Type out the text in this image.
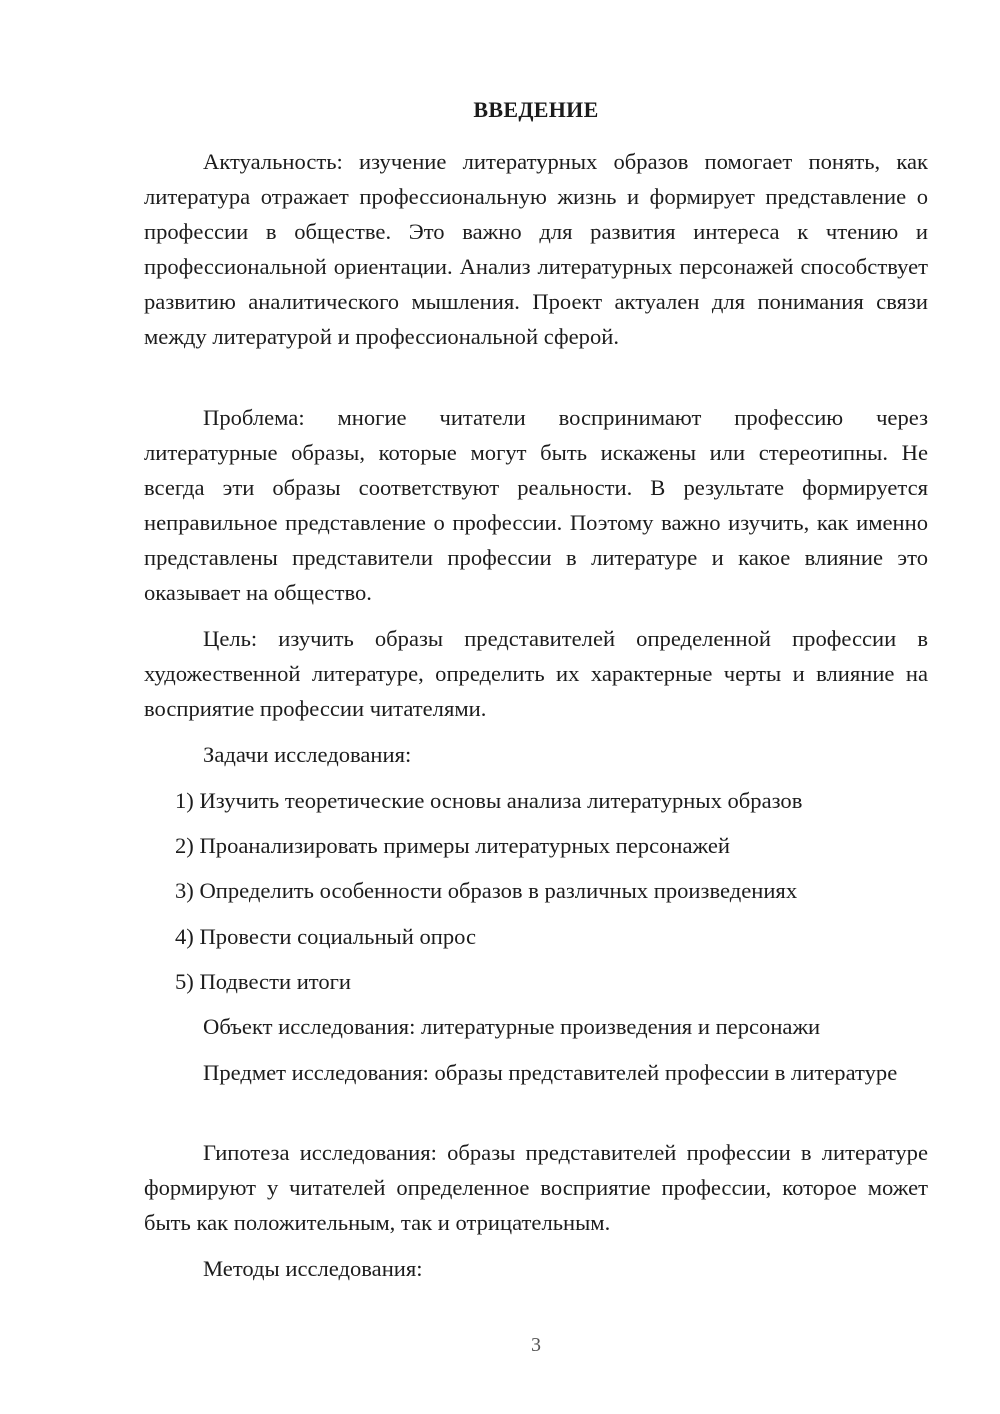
ВВЕДЕНИЕ

Актуальность: изучение литературных образов помогает понять, как литература отражает профессиональную жизнь и формирует представление о профессии в обществе. Это важно для развития интереса к чтению и профессиональной ориентации. Анализ литературных персонажей способствует развитию аналитического мышления. Проект актуален для понимания связи между литературой и профессиональной сферой.

Проблема: многие читатели воспринимают профессию через литературные образы, которые могут быть искажены или стереотипны. Не всегда эти образы соответствуют реальности. В результате формируется неправильное представление о профессии. Поэтому важно изучить, как именно представлены представители профессии в литературе и какое влияние это оказывает на общество.

Цель: изучить образы представителей определенной профессии в художественной литературе, определить их характерные черты и влияние на восприятие профессии читателями.

Задачи исследования:
1) Изучить теоретические основы анализа литературных образов
2) Проанализировать примеры литературных персонажей
3) Определить особенности образов в различных произведениях
4) Провести социальный опрос
5) Подвести итоги
Объект исследования: литературные произведения и персонажи

Предмет исследования: образы представителей профессии в литературе

Гипотеза исследования: образы представителей профессии в литературе формируют у читателей определенное восприятие профессии, которое может быть как положительным, так и отрицательным.

Методы исследования:
3
